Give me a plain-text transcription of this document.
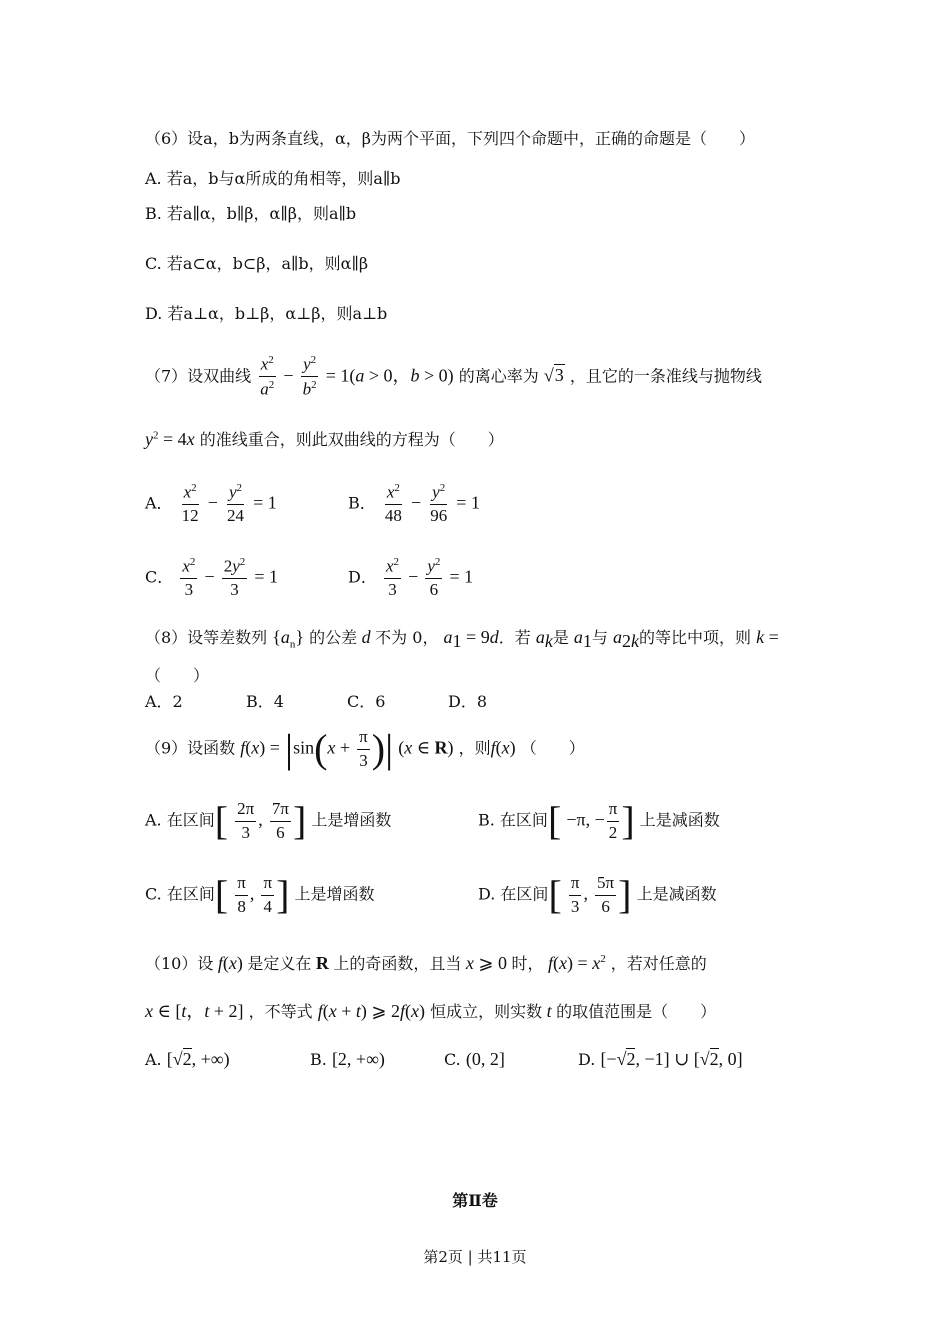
（6）设a，b为两条直线，α，β为两个平面，下列四个命题中，正确的命题是（　　）
A. 若a，b与α所成的角相等，则a∥b
B. 若a∥α，b∥β，α∥β，则a∥b
C. 若a⊂α，b⊂β，a∥b，则α∥β
D. 若a⊥α，b⊥β，α⊥β，则a⊥b
（7）设双曲线 $\frac{x^2}{a^2} - \frac{y^2}{b^2} = 1(a > 0$，b > 0) 的离心率为 √3 ，且它的一条准线与抛物线
$y^2 = 4x$ 的准线重合，则此双曲线的方程为（　　）
A． $\frac{x^2}{12} - \frac{y^2}{24} = 1$	B． $\frac{x^2}{48} - \frac{y^2}{96} = 1$
C． $\frac{x^2}{3} - \frac{2y^2}{3} = 1$	D． $\frac{x^2}{3} - \frac{y^2}{6} = 1$
（8）设等差数列 $\{a_n\}$ 的公差 d 不为 0， $a_1 = 9d$．若 $a_k$是 $a_1$与 $a_{2k}$的等比中项，则 k =
（　　）
A．2	B．4	C．6	D．8
（9）设函数 $f(x) = |\sin(x + \frac{\pi}{3}$ )| (x ∈ R) ，则f(x) （　　）
A. 在区间[ $\frac{2\pi}{3}$ , $\frac{7\pi}{6}$ ] 上是增函数	B. 在区间[ −π, − $\frac{\pi}{2}$ ] 上是减函数
C. 在区间[ $\frac{\pi}{8}$ , $\frac{\pi}{4}$ ] 上是增函数	D. 在区间[ $\frac{\pi}{3}$ , $\frac{5\pi}{6}$ ] 上是减函数
（10）设 f(x) 是定义在 R 上的奇函数，且当 x ⩾ 0 时， $f(x) = x^2$ ，若对任意的
x ∈ [t，t + 2] ，不等式 f(x + t) ⩾ 2f(x) 恒成立，则实数 t 的取值范围是（　　）
A. [√2, +∞)	B. [2, +∞)	C. (0, 2]	D. [−√2, −1] ∪ [√2, 0]
第Ⅱ卷
第2页 | 共11页
